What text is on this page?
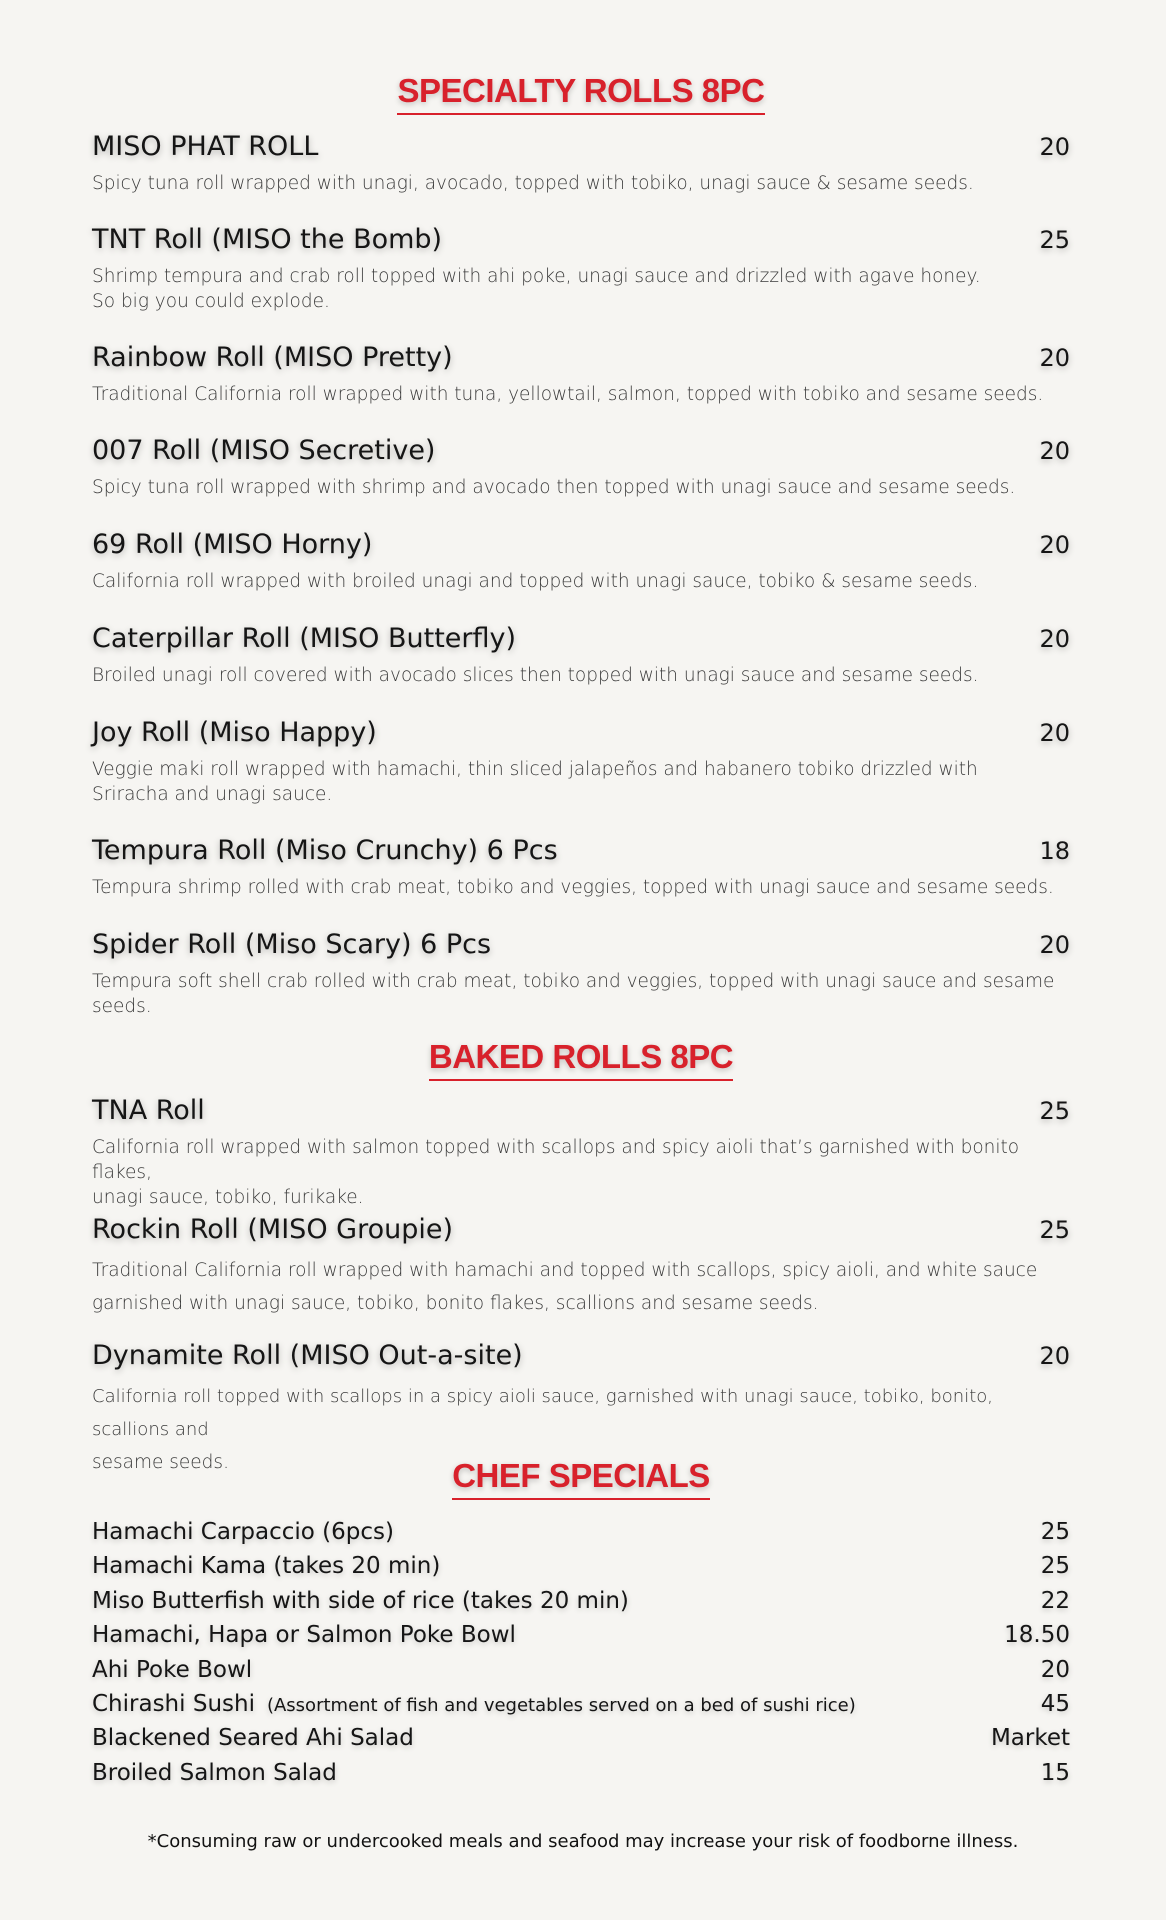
SPECIALTY ROLLS 8PC
MISO PHAT ROLL	20
Spicy tuna roll wrapped with unagi, avocado, topped with tobiko, unagi sauce & sesame seeds.
TNT Roll (MISO the Bomb)	25
Shrimp tempura and crab roll topped with ahi poke, unagi sauce and drizzled with agave honey.
So big you could explode.
Rainbow Roll (MISO Pretty)	20
Traditional California roll wrapped with tuna, yellowtail, salmon, topped with tobiko and sesame seeds.
007 Roll (MISO Secretive)	20
Spicy tuna roll wrapped with shrimp and avocado then topped with unagi sauce and sesame seeds.
69 Roll (MISO Horny)	20
California roll wrapped with broiled unagi and topped with unagi sauce, tobiko & sesame seeds.
Caterpillar Roll (MISO Butterfly)	20
Broiled unagi roll covered with avocado slices then topped with unagi sauce and sesame seeds.
Joy Roll (Miso Happy)	20
Veggie maki roll wrapped with hamachi, thin sliced jalapeños and habanero tobiko drizzled with
Sriracha and unagi sauce.
Tempura Roll (Miso Crunchy) 6 Pcs	18
Tempura shrimp rolled with crab meat, tobiko and veggies, topped with unagi sauce and sesame seeds.
Spider Roll (Miso Scary) 6 Pcs	20
Tempura soft shell crab rolled with crab meat, tobiko and veggies, topped with unagi sauce and sesame
seeds.
BAKED ROLLS 8PC
TNA Roll	25
California roll wrapped with salmon topped with scallops and spicy aioli that’s garnished with bonito flakes,
unagi sauce, tobiko, furikake.
Rockin Roll (MISO Groupie)	25
Traditional California roll wrapped with hamachi and topped with scallops, spicy aioli, and white sauce
garnished with unagi sauce, tobiko, bonito flakes, scallions and sesame seeds.
Dynamite Roll (MISO Out-a-site)	20
California roll topped with scallops in a spicy aioli sauce, garnished with unagi sauce, tobiko, bonito, scallions and
sesame seeds.	CHEF SPECIALS
Hamachi Carpaccio (6pcs)	25
Hamachi Kama (takes 20 min)	25
Miso Butterfish with side of rice (takes 20 min)	22
Hamachi, Hapa or Salmon Poke Bowl	18.50
Ahi Poke Bowl	20
Chirashi Sushi (Assortment of fish and vegetables served on a bed of sushi rice)	45
Blackened Seared Ahi Salad	Market
Broiled Salmon Salad	15
*Consuming raw or undercooked meals and seafood may increase your risk of foodborne illness.
